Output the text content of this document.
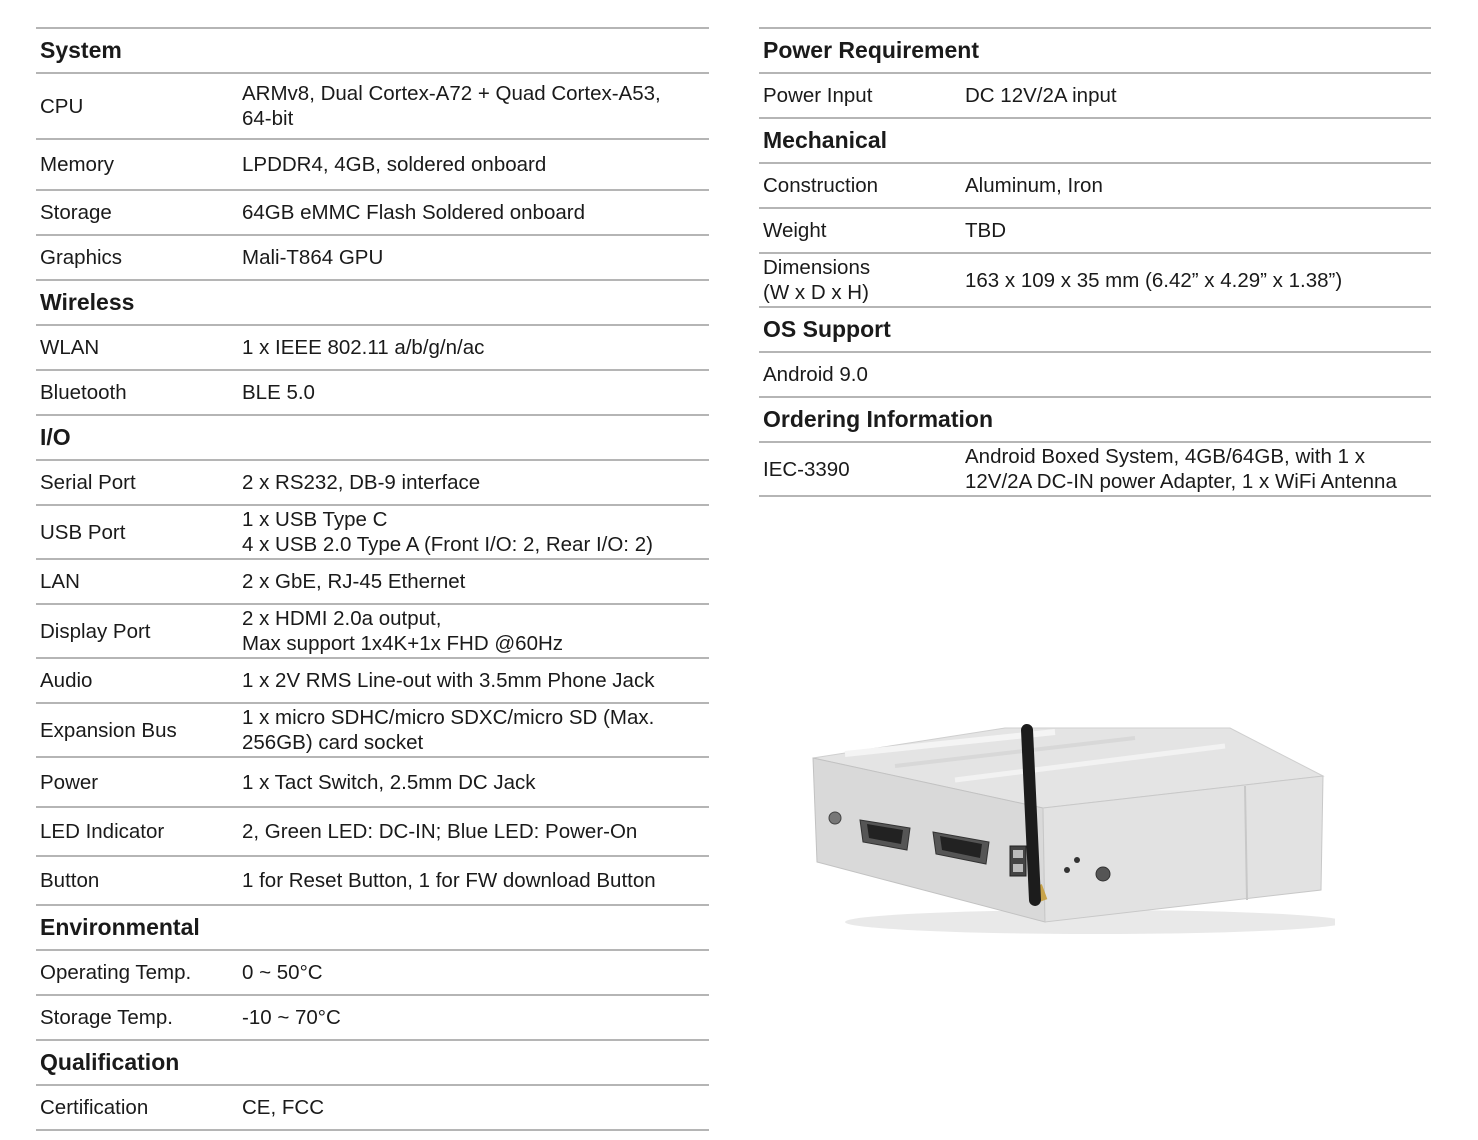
System	
CPU	ARMv8, Dual Cortex-A72 + Quad Cortex-A53,
64-bit

Memory	LPDDR4, 4GB, soldered onboard

Storage	64GB eMMC Flash Soldered onboard

Graphics	Mali-T864 GPU

Wireless	
WLAN	1 x IEEE 802.11 a/b/g/n/ac

Bluetooth	BLE 5.0

I/O	
Serial Port	2 x RS232, DB-9 interface

USB Port	1 x USB Type C
4 x USB 2.0 Type A (Front I/O: 2, Rear I/O: 2)

LAN	2 x GbE, RJ-45 Ethernet

Display Port	2 x HDMI 2.0a output,
Max support 1x4K+1x FHD @60Hz

Audio	1 x 2V RMS Line-out with 3.5mm Phone Jack

Expansion Bus	1 x micro SDHC/micro SDXC/micro SD (Max.
256GB) card socket

Power	1 x Tact Switch, 2.5mm DC Jack

LED Indicator	2, Green LED: DC-IN; Blue LED: Power-On

Button	1 for Reset Button, 1 for FW download Button

Environmental	
Operating Temp.	0 ~ 50°C

Storage Temp.	-10 ~ 70°C

Qualification	
Certification	CE, FCC
Power Requirement	
Power Input	DC 12V/2A input

Mechanical	
Construction	Aluminum, Iron

Weight	TBD

Dimensions
(W x D x H)	163 x 109 x 35 mm (6.42” x 4.29” x 1.38”)

OS Support	
Android 9.0	
Ordering Information	
IEC-3390	Android Boxed System, 4GB/64GB, with 1 x
12V/2A DC-IN power Adapter, 1 x WiFi Antenna
